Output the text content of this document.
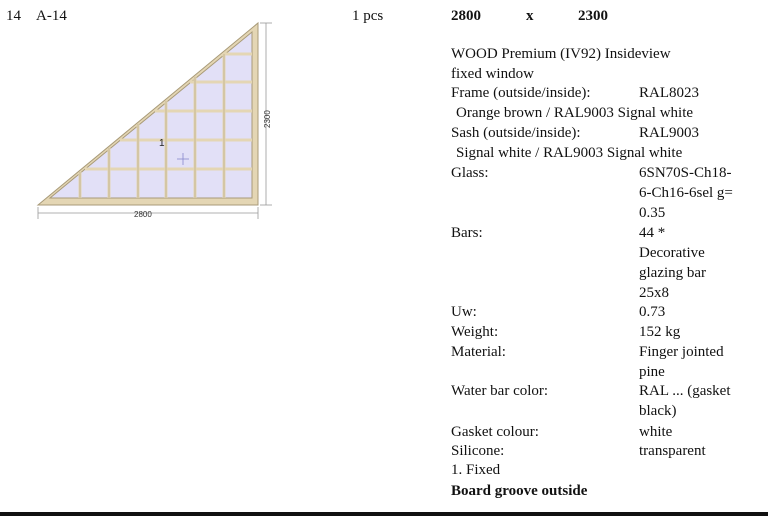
14 A-14	1 pcs	2800	x	2300
1
2800
2300
WOOD Premium (IV92) Insideview
fixed window
Frame (outside/inside):	RAL8023
Orange brown / RAL9003 Signal white
Sash (outside/inside):	RAL9003
Signal white / RAL9003 Signal white
Glass:	6SN70S-Ch18-
6-Ch16-6sel g=
0.35
Bars:	44 *
Decorative
glazing bar
25x8
Uw:	0.73
Weight:	152 kg
Material:	Finger jointed
pine
Water bar color:	RAL ... (gasket
black)
Gasket colour:	white
Silicone:	transparent
1. Fixed
Board groove outside
